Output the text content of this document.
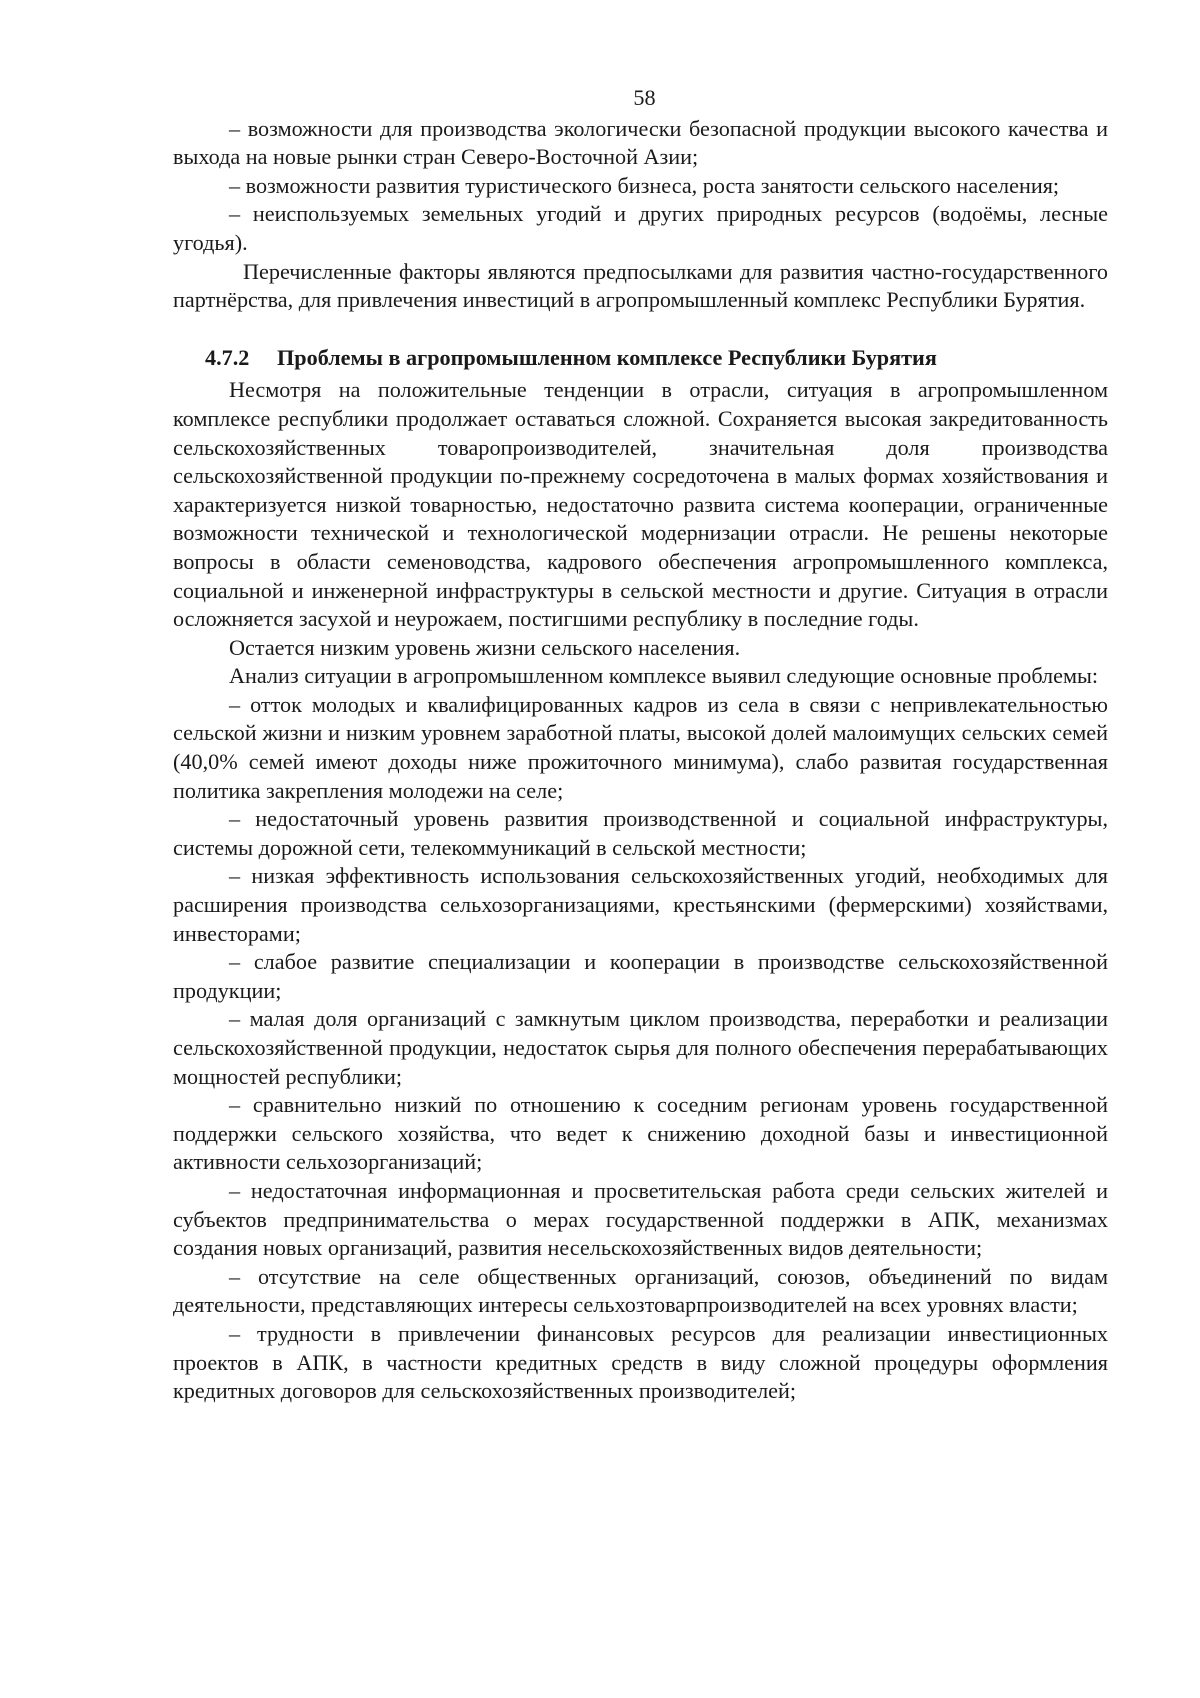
58

– возможности для производства экологически безопасной продукции высокого качества и выхода на новые рынки стран Северо-Восточной Азии;

– возможности развития туристического бизнеса, роста занятости сельского населения;

– неиспользуемых земельных угодий и других природных ресурсов (водоёмы, лесные угодья).

Перечисленные факторы являются предпосылками для развития частно-государственного партнёрства, для привлечения инвестиций в агропромышленный комплекс Республики Бурятия.

4.7.2 Проблемы в агропромышленном комплексе Республики Бурятия

Несмотря на положительные тенденции в отрасли, ситуация в агропромышленном комплексе республики продолжает оставаться сложной. Сохраняется высокая закредитованность сельскохозяйственных товаропроизводителей, значительная доля производства сельскохозяйственной продукции по-прежнему сосредоточена в малых формах хозяйствования и характеризуется низкой товарностью, недостаточно развита система кооперации, ограниченные возможности технической и технологической модернизации отрасли. Не решены некоторые вопросы в области семеноводства, кадрового обеспечения агропромышленного комплекса, социальной и инженерной инфраструктуры в сельской местности и другие. Ситуация в отрасли осложняется засухой и неурожаем, постигшими республику в последние годы.

Остается низким уровень жизни сельского населения.

Анализ ситуации в агропромышленном комплексе выявил следующие основные проблемы:

– отток молодых и квалифицированных кадров из села в связи с непривлекательностью сельской жизни и низким уровнем заработной платы, высокой долей малоимущих сельских семей (40,0% семей имеют доходы ниже прожиточного минимума), слабо развитая государственная политика закрепления молодежи на селе;

– недостаточный уровень развития производственной и социальной инфраструктуры, системы дорожной сети, телекоммуникаций в сельской местности;

– низкая эффективность использования сельскохозяйственных угодий, необходимых для расширения производства сельхозорганизациями, крестьянскими (фермерскими) хозяйствами, инвесторами;

– слабое развитие специализации и кооперации в производстве сельскохозяйственной продукции;

– малая доля организаций с замкнутым циклом производства, переработки и реализации сельскохозяйственной продукции, недостаток сырья для полного обеспечения перерабатывающих мощностей республики;

– сравнительно низкий по отношению к соседним регионам уровень государственной поддержки сельского хозяйства, что ведет к снижению доходной базы и инвестиционной активности сельхозорганизаций;

– недостаточная информационная и просветительская работа среди сельских жителей и субъектов предпринимательства о мерах государственной поддержки в АПК, механизмах создания новых организаций, развития несельскохозяйственных видов деятельности;

– отсутствие на селе общественных организаций, союзов, объединений по видам деятельности, представляющих интересы сельхозтоварпроизводителей на всех уровнях власти;

– трудности в привлечении финансовых ресурсов для реализации инвестиционных проектов в АПК, в частности кредитных средств в виду сложной процедуры оформления кредитных договоров для сельскохозяйственных производителей;
